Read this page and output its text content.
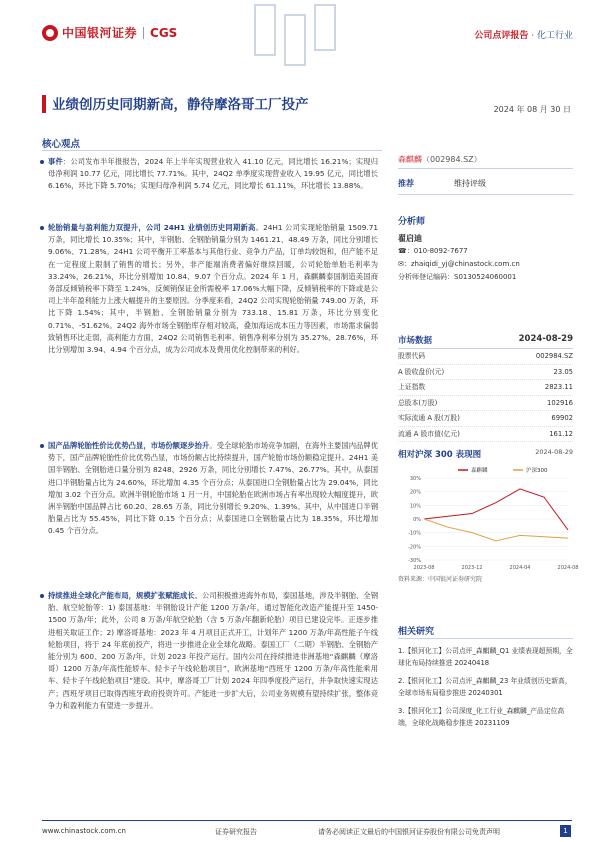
中国银河证券 CGS	公司点评报告 · 化工行业
业绩创历史同期新高，静待摩洛哥工厂投产	2024 年 08 月 30 日
核心观点
事件：公司发布半年报报告，2024 年上半年实现营业收入 41.10 亿元，同比增长 16.21%；实现归母净利润 10.77 亿元，同比增长 77.71%。其中，24Q2 单季度实现营业收入 19.95 亿元，同比增长 6.16%，环比下降 5.70%；实现归母净利润 5.74 亿元，同比增长 61.11%，环比增长 13.88%。
轮胎销量与盈利能力双提升，公司 24H1 业绩创历史同期新高。24H1 公司实现轮胎销量 1509.71 万条，同比增长 10.35%；其中，半钢胎、全钢胎销量分别为 1461.21、48.49 万条，同比分别增长 9.06%、71.28%。24H1 公司平衡开工率基本与其他行业、竞争力产品，订单均较饱和，但产能不足在一定程度上限制了销售的增长；另外，非产能端消费者偏好继续回暖，公司轮胎单胎毛利率为 33.24%，26.21%，环比分别增加 10.84、9.07 个百分点。2024 年 1 月，森麒麟泰国制造美国商务部反倾销税率下降至 1.24%，反倾销保证金所需税率 17.06%大幅下降，反倾销税率的下降或是公司上半年盈利能力上涨大幅提升的主要原因。分季度来看，24Q2 公司实现轮胎销量 749.00 万条，环比下降 1.54%；其中，半钢胎、全钢胎销量分别为 733.18、15.81 万条，环比分别变化 0.71%、-51.62%。24Q2 海外市场全钢胎库存相对较高，叠加海运成本压力等因素，市场需求偏弱致销售环比走弱，高利能力方面，24Q2 公司销售毛利率、销售净利率分别为 35.27%、28.76%，环比分别增加 3.94、4.94 个百分点，成为公司成本及费用优化控制带来的利好。
国产品牌轮胎性价比优势凸显，市场份额逐步抬升。受全球轮胎市场竞争加剧，在海外主要国内品牌优势下，国产品牌轮胎性价比优势凸显，市场份额占比持续提升，国产轮胎市场份额稳定提升。24H1 美国半钢胎、全钢胎进口量分别为 8248、2926 万条，同比分别增长 7.47%、26.77%。其中，从泰国进口半钢胎量占比为 24.60%，环比增加 4.35 个百分点；从泰国进口全钢胎量占比为 29.04%，同比增加 3.02 个百分点。欧洲半钢轮胎市场 1 月一月，中国轮胎在欧洲市场占有率出现较大幅度提升，欧洲半钢胎中国品牌占比 60.20、28.65 万条，同比分别增长 9.20%、1.39%。其中，从中国进口半钢胎量占比为 55.45%，同比下降 0.15 个百分点；从泰国进口全钢胎量占比为 18.35%，环比增加 0.45 个百分点。
持续推进全球化产能布局，规模扩张赋能成长。公司积极推进海外布局，泰国基地，涉及半钢胎、全钢胎、航空轮胎等：1) 泰国基地：半钢胎设计产能 1200 万条/年，通过智能化改造产能提升至 1450-1500 万条/年；此外，公司 8 万条/年航空轮胎（含 5 万条/年翻新轮胎）项目已建设完毕。正逐步推进相关取证工作；2) 摩洛哥基地：2023 年 4 月项目正式开工，计划年产 1200 万条/年高性能子午线轮胎项目，将于 24 年底前投产，将进一步推进企业全球化战略。泰国工厂（二期）半钢胎、全钢胎产能分别为 600、200 万条/年，计划 2023 年投产运行。国内公司在持续推进非洲基地“森麒麟（摩洛哥）1200 万条/年高性能轿车、轻卡子午线轮胎项目”，欧洲基地“西班牙 1200 万条/年高性能乘用车、轻卡子午线轮胎项目”建设。其中，摩洛哥工厂计划 2024 年四季度投产运行，并争取快速实现达产；西班牙项目已取得西班牙政府投资许可。产能进一步扩大后，公司业务规模有望持续扩张，整体竞争力和盈利能力有望进一步提升。
森麒麟（002984.SZ）
推荐	维持评级
分析师
翟启迪
☎：010-8092-7677
✉：zhaiqidi_yj@chinastock.com.cn
分析师登记编码：S0130524060001
市场数据	2024-08-29
股票代码	002984.SZ
A 股收盘价(元)	23.05
上证指数	2823.11
总股本(万股)	102916
实际流通 A 股(万股)	69902
流通 A 股市值(亿元)	161.12
相对沪深 300 表现图	2024-08-29
30%
20%
10%
0%
-10%
-20%
-30%
2023-08	2023-12	2024-04	2024-08
森麒麟	沪深300
资料来源：中国银河证券研究院
相关研究
1.【银河化工】公司点评_森麒麟_Q1 业绩表现超预期，全球化布局持续推进 20240418
2.【银河化工】公司点评_森麒麟_23 年业绩创历史新高，全球市场布局稳步推进 20240301
3.【银河化工】公司深度_化工行业_森麒麟_产品定位高端，全球化战略稳步推进 20231109
www.chinastock.com.cn	证券研究报告	请务必阅读正文最后的中国银河证券股份有限公司免责声明	1
